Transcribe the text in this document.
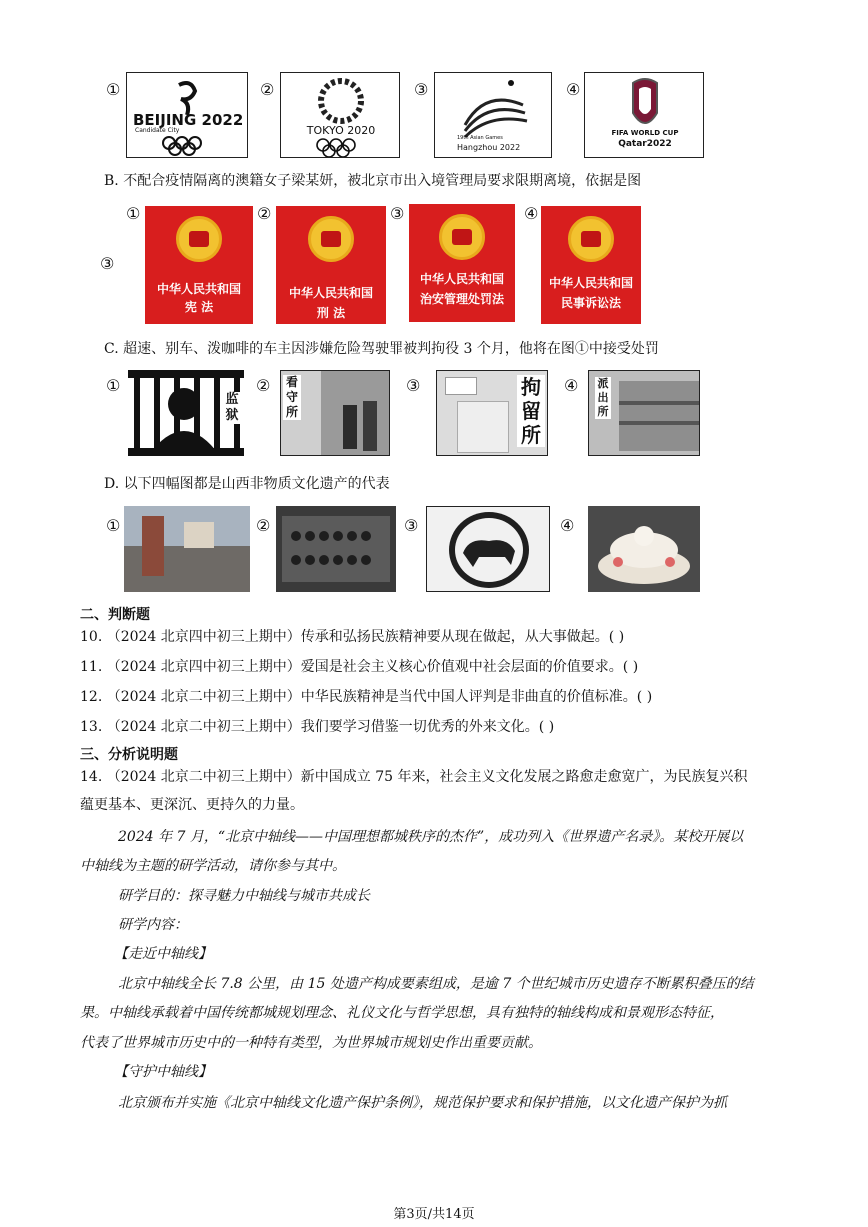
①
BEIJING 2022
Candidate City
②
TOKYO 2020
③
19th Asian Games
Hangzhou 2022
④
FIFA WORLD CUP
Qatar2022
B. 不配合疫情隔离的澳籍女子梁某妍，被北京市出入境管理局要求限期离境，依据是图
③
①
中华人民共和国
宪 法
②
中华人民共和国
刑 法
③
中华人民共和国
治安管理处罚法
④
中华人民共和国
民事诉讼法
C. 超速、别车、泼咖啡的车主因涉嫌危险驾驶罪被判拘役 3 个月，他将在图①中接受处罚
①
监狱
② 看守所
③	拘留所
④ 派出所
D. 以下四幅图都是山西非物质文化遗产的代表
①	②	③	④
二、判断题
10. （2024 北京四中初三上期中）传承和弘扬民族精神要从现在做起，从大事做起。( )
11. （2024 北京四中初三上期中）爱国是社会主义核心价值观中社会层面的价值要求。( )
12. （2024 北京二中初三上期中）中华民族精神是当代中国人评判是非曲直的价值标准。( )
13. （2024 北京二中初三上期中）我们要学习借鉴一切优秀的外来文化。( )
三、分析说明题
14. （2024 北京二中初三上期中）新中国成立 75 年来，社会主义文化发展之路愈走愈宽广，为民族复兴积
蕴更基本、更深沉、更持久的力量。
2024 年 7 月，“北京中轴线——中国理想都城秩序的杰作”，成功列入《世界遗产名录》。某校开展以
中轴线为主题的研学活动，请你参与其中。
研学目的：探寻魅力中轴线与城市共成长
研学内容：
【走近中轴线】
北京中轴线全长 7.8 公里，由 15 处遗产构成要素组成，是逾 7 个世纪城市历史遗存不断累积叠压的结
果。中轴线承载着中国传统都城规划理念、礼仪文化与哲学思想，具有独特的轴线构成和景观形态特征，
代表了世界城市历史中的一种特有类型，为世界城市规划史作出重要贡献。
【守护中轴线】
北京颁布并实施《北京中轴线文化遗产保护条例》，规范保护要求和保护措施，以文化遗产保护为抓
第3页/共14页
